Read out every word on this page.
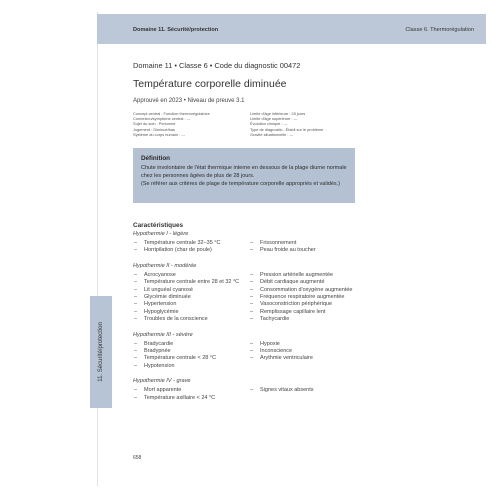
Domaine 11. Sécurité/protection	Classe 6. Thermorégulation
11. Sécurité/protection
Domaine 11 • Classe 6 • Code du diagnostic 00472
Température corporelle diminuée
Approuvé en 2023 • Niveau de preuve 3.1
Concept central : Fonction thermorégulatrice
Connexion/symptôme central : ---
Sujet du soin : Personne
Jugement : Diminué/bas
Système du corps humain : ---
Limite d'âge inférieure : 28 jours
Limite d'âge supérieure : ---
Évolution clinique : ---
Type de diagnostic : Établi sur le problème
Gravité situationnelle : ---
Définition

Chute involontaire de l'état thermique interne en dessous de la plage diurne normale chez les personnes âgées de plus de 28 jours.

(Se référer aux critères de plage de température corporelle appropriés et validés.)

Caractéristiques
Hypothermie I - légère
– Température centrale 32–35 °C
– Horripilation (char de poule)
– Frissonnement
– Peau froide au toucher
Hypothermie II - modérée
– Acrocyanose
– Température centrale entre 28 et 32 °C
– Lit unguéal cyanosé
– Glycémie diminuée
– Hypertension
– Hypoglycémie
– Troubles de la conscience
– Pression artérielle augmentée
– Débit cardiaque augmenté
– Consommation d'oxygène augmentée
– Fréquence respiratoire augmentée
– Vasoconstriction périphérique
– Remplissage capillaire lent
– Tachycardie
Hypothermie III - sévère
– Bradycardie
– Bradypnée
– Température centrale < 28 °C
– Hypotension
– Hypoxie
– Inconscience
– Arythmie ventriculaire
Hypothermie IV - grave
– Mort apparente
– Température axillaire < 24 °C
– Signes vitaux absents
658
